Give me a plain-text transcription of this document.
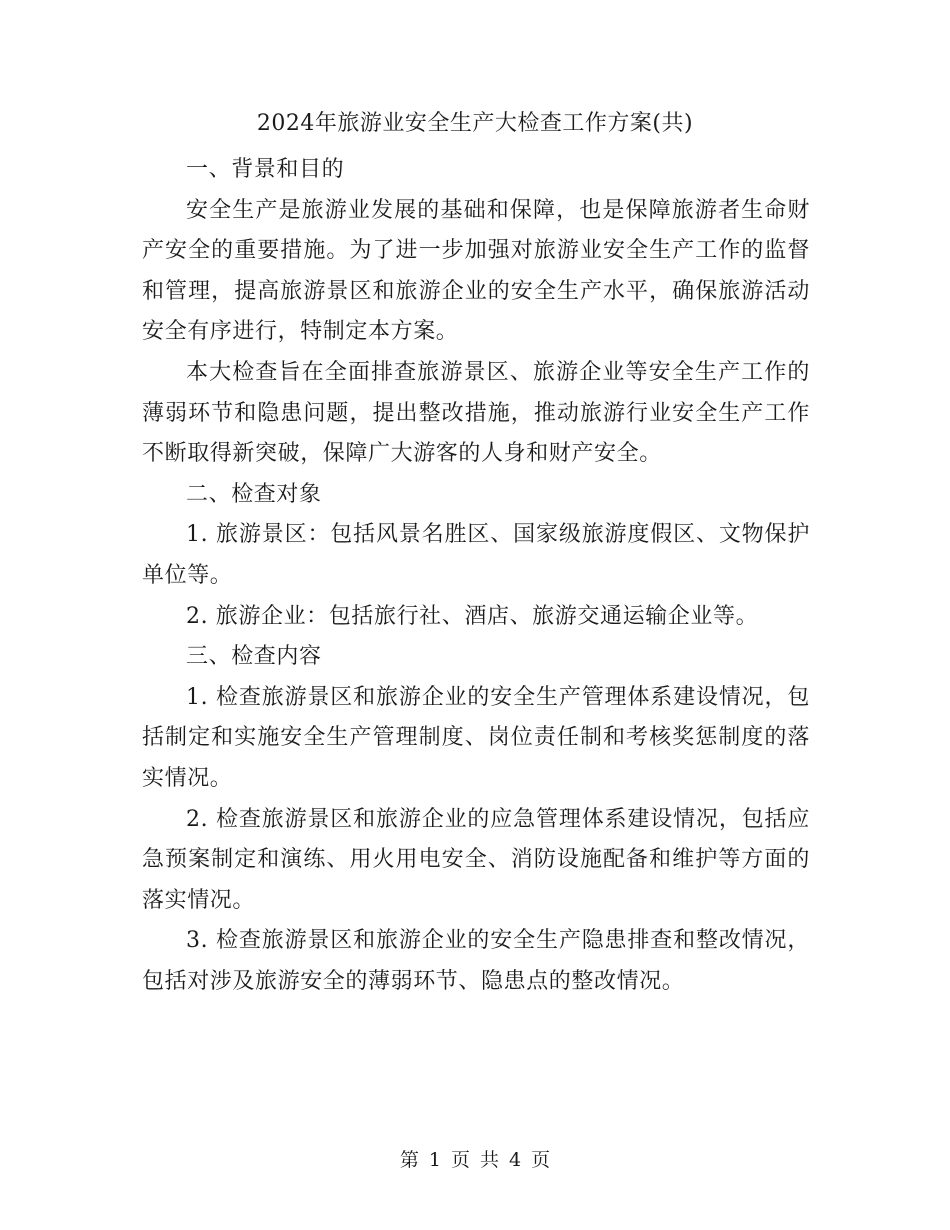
2024年旅游业安全生产大检查工作方案(共)

一、背景和目的

安全生产是旅游业发展的基础和保障，也是保障旅游者生命财产安全的重要措施。为了进一步加强对旅游业安全生产工作的监督和管理，提高旅游景区和旅游企业的安全生产水平，确保旅游活动安全有序进行，特制定本方案。

本大检查旨在全面排查旅游景区、旅游企业等安全生产工作的薄弱环节和隐患问题，提出整改措施，推动旅游行业安全生产工作不断取得新突破，保障广大游客的人身和财产安全。

二、检查对象

1. 旅游景区：包括风景名胜区、国家级旅游度假区、文物保护单位等。

2. 旅游企业：包括旅行社、酒店、旅游交通运输企业等。

三、检查内容

1. 检查旅游景区和旅游企业的安全生产管理体系建设情况，包括制定和实施安全生产管理制度、岗位责任制和考核奖惩制度的落实情况。

2. 检查旅游景区和旅游企业的应急管理体系建设情况，包括应急预案制定和演练、用火用电安全、消防设施配备和维护等方面的落实情况。

3. 检查旅游景区和旅游企业的安全生产隐患排查和整改情况，包括对涉及旅游安全的薄弱环节、隐患点的整改情况。

第 1 页 共 4 页
